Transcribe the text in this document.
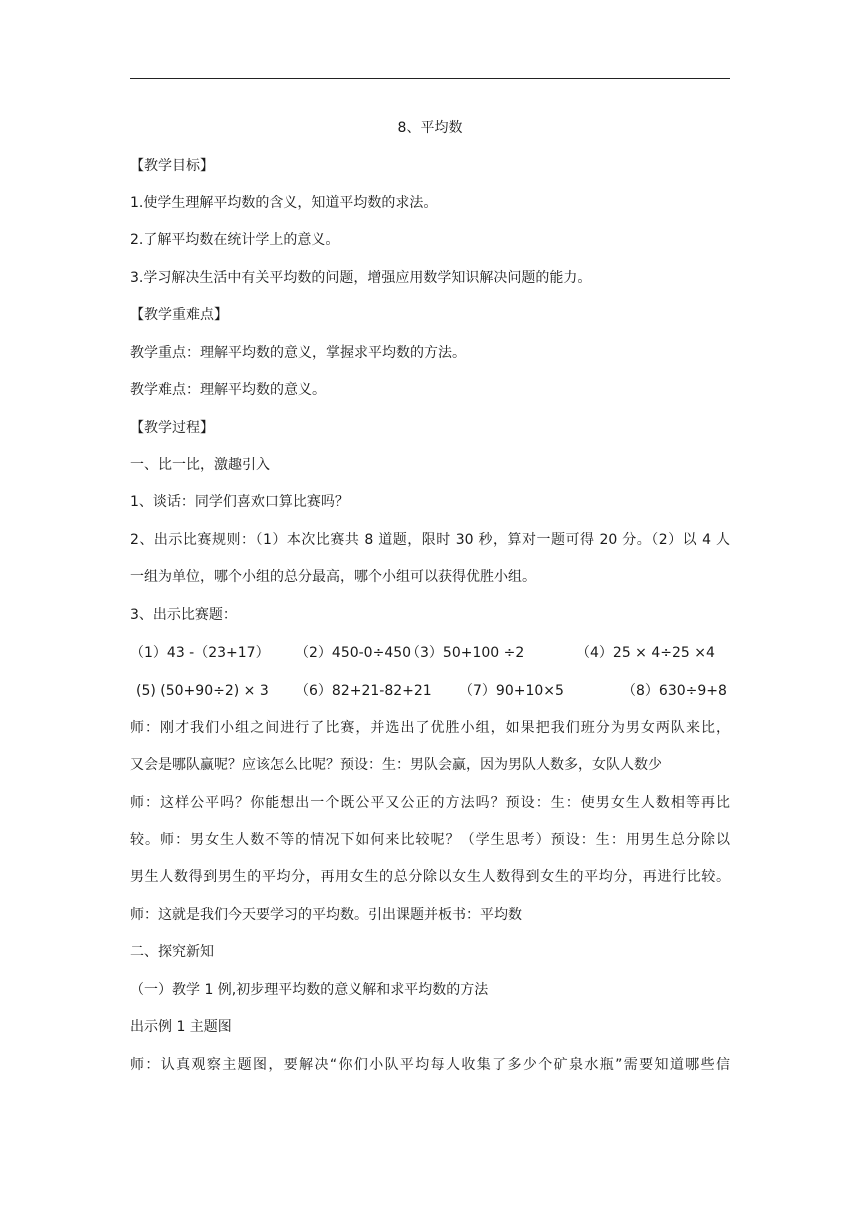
8、平均数
【教学目标】
1.使学生理解平均数的含义，知道平均数的求法。
2.了解平均数在统计学上的意义。
3.学习解决生活中有关平均数的问题，增强应用数学知识解决问题的能力。
【教学重难点】
教学重点：理解平均数的意义，掌握求平均数的方法。
教学难点：理解平均数的意义。
【教学过程】
一、比一比，激趣引入
1、谈话：同学们喜欢口算比赛吗？
2、出示比赛规则：（1）本次比赛共 8 道题，限时 30 秒，算对一题可得 20 分。（2）以 4 人
一组为单位，哪个小组的总分最高，哪个小组可以获得优胜小组。
3、出示比赛题：
（1）43 -（23+17） （2）450-0÷450
（3）50+100 ÷2	（4）25 × 4÷25 ×4
(5) (50+90÷2) × 3 （6）82+21-82+21 （7）90+10×5	（8）630÷9+8
师：刚才我们小组之间进行了比赛，并选出了优胜小组，如果把我们班分为男女两队来比，
又会是哪队赢呢？应该怎么比呢？预设：生：男队会赢，因为男队人数多，女队人数少
师：这样公平吗？你能想出一个既公平又公正的方法吗？预设：生：使男女生人数相等再比
较。师：男女生人数不等的情况下如何来比较呢？（学生思考）预设：生：用男生总分除以
男生人数得到男生的平均分，再用女生的总分除以女生人数得到女生的平均分，再进行比较。
师：这就是我们今天要学习的平均数。引出课题并板书：平均数
二、探究新知
（一）教学 1 例,初步理平均数的意义解和求平均数的方法
出示例 1 主题图
师：认真观察主题图，要解决“你们小队平均每人收集了多少个矿泉水瓶”需要知道哪些信
